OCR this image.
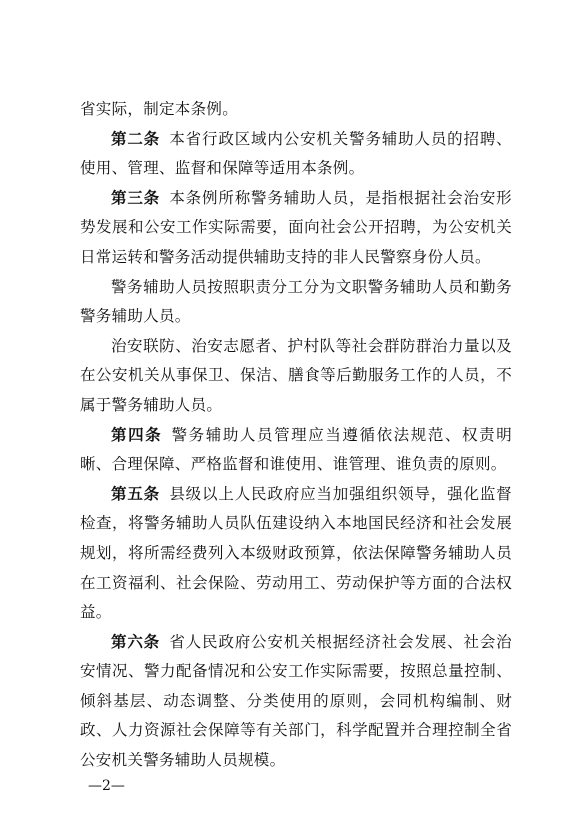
省实际，制定本条例。

第二条 本省行政区域内公安机关警务辅助人员的招聘、使用、管理、监督和保障等适用本条例。

第三条 本条例所称警务辅助人员，是指根据社会治安形势发展和公安工作实际需要，面向社会公开招聘，为公安机关日常运转和警务活动提供辅助支持的非人民警察身份人员。

警务辅助人员按照职责分工分为文职警务辅助人员和勤务警务辅助人员。

治安联防、治安志愿者、护村队等社会群防群治力量以及在公安机关从事保卫、保洁、膳食等后勤服务工作的人员，不属于警务辅助人员。

第四条 警务辅助人员管理应当遵循依法规范、权责明晰、合理保障、严格监督和谁使用、谁管理、谁负责的原则。

第五条 县级以上人民政府应当加强组织领导，强化监督检查，将警务辅助人员队伍建设纳入本地国民经济和社会发展规划，将所需经费列入本级财政预算，依法保障警务辅助人员在工资福利、社会保险、劳动用工、劳动保护等方面的合法权益。

第六条 省人民政府公安机关根据经济社会发展、社会治安情况、警力配备情况和公安工作实际需要，按照总量控制、倾斜基层、动态调整、分类使用的原则，会同机构编制、财政、人力资源社会保障等有关部门，科学配置并合理控制全省公安机关警务辅助人员规模。

—2—
